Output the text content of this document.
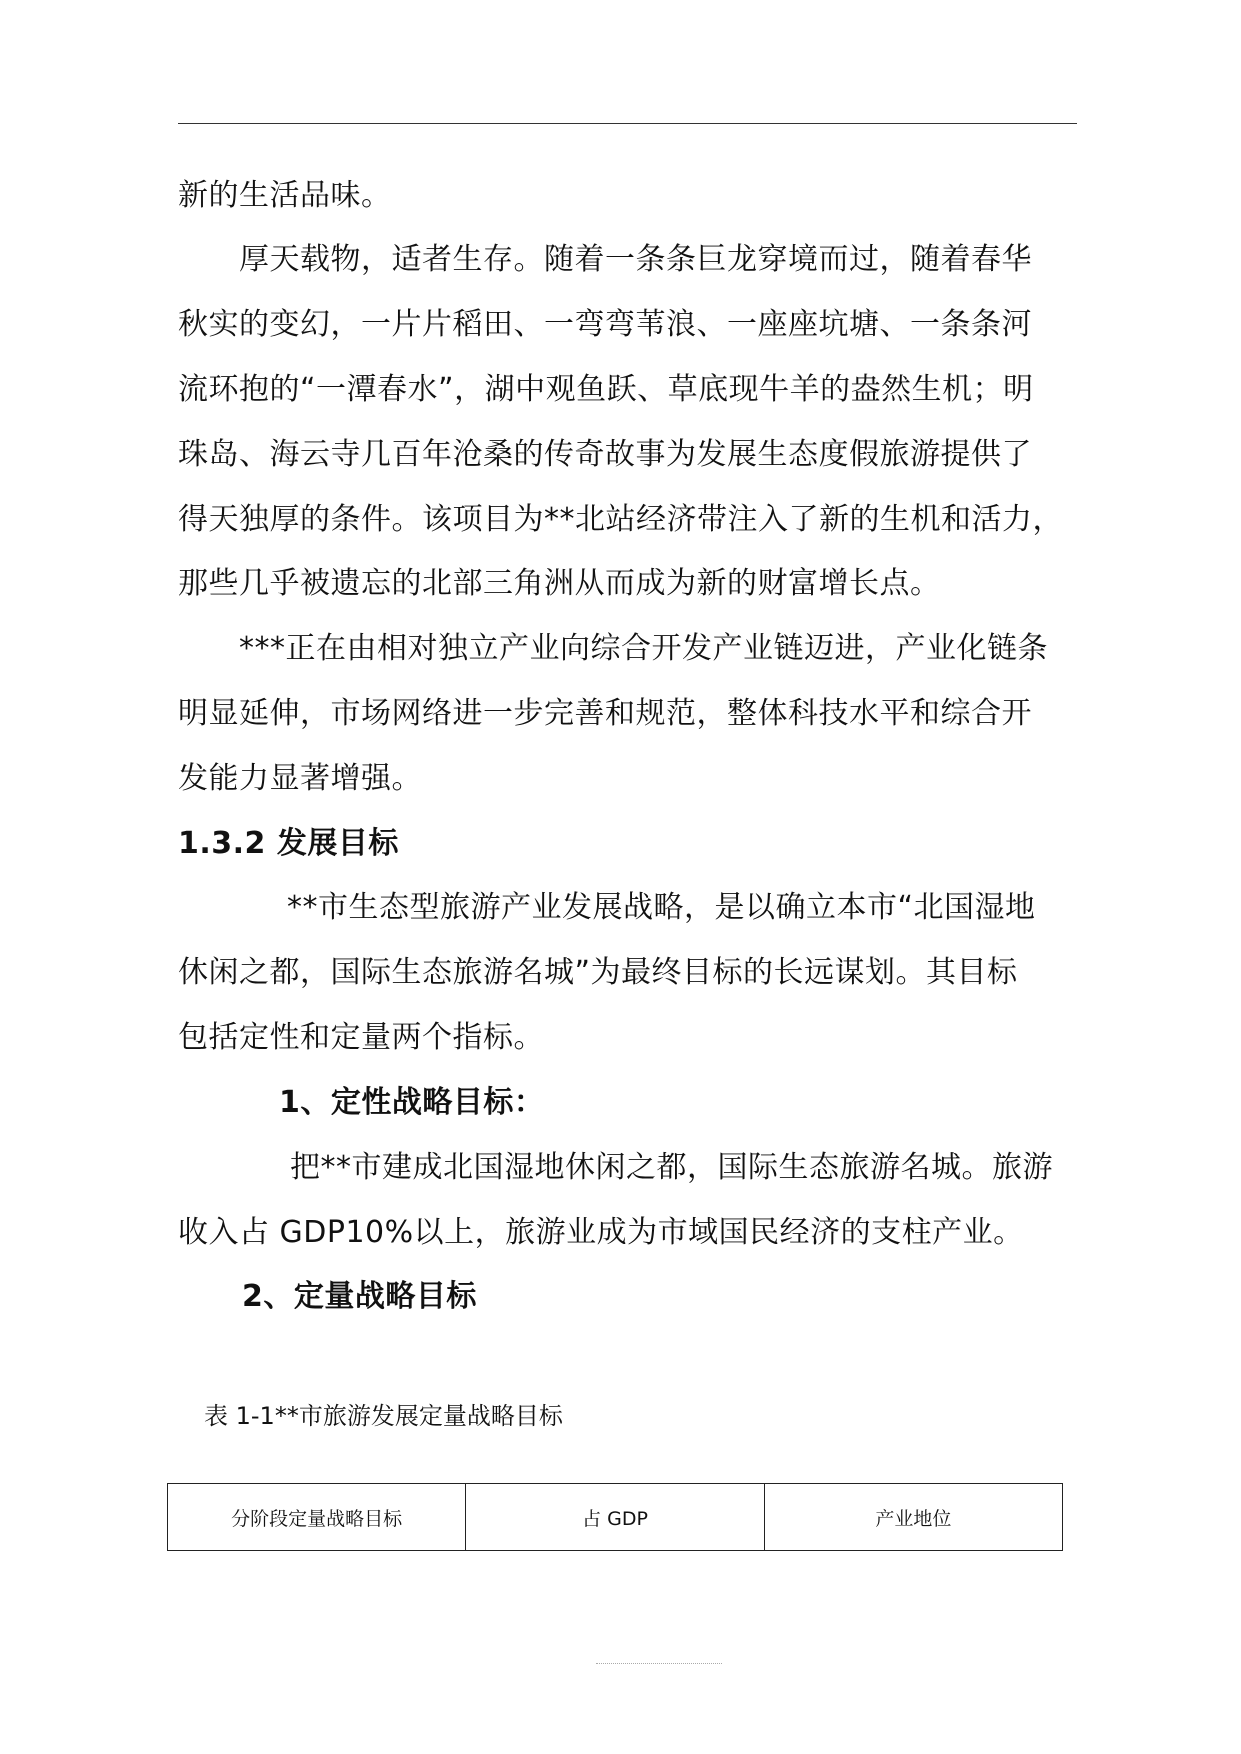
新的生活品味。
厚天载物，适者生存。随着一条条巨龙穿境而过，随着春华
秋实的变幻，一片片稻田、一弯弯苇浪、一座座坑塘、一条条河
流环抱的“一潭春水”，湖中观鱼跃、草底现牛羊的盎然生机；明
珠岛、海云寺几百年沧桑的传奇故事为发展生态度假旅游提供了
得天独厚的条件。该项目为**北站经济带注入了新的生机和活力，
那些几乎被遗忘的北部三角洲从而成为新的财富增长点。
***正在由相对独立产业向综合开发产业链迈进，产业化链条
明显延伸，市场网络进一步完善和规范，整体科技水平和综合开
发能力显著增强。
1.3.2 发展目标
**市生态型旅游产业发展战略，是以确立本市“北国湿地
休闲之都，国际生态旅游名城”为最终目标的长远谋划。其目标
包括定性和定量两个指标。
1、定性战略目标：
把**市建成北国湿地休闲之都，国际生态旅游名城。旅游
收入占 GDP10%以上，旅游业成为市域国民经济的支柱产业。
2、定量战略目标
表 1-1**市旅游发展定量战略目标
分阶段定量战略目标	占 GDP	产业地位
